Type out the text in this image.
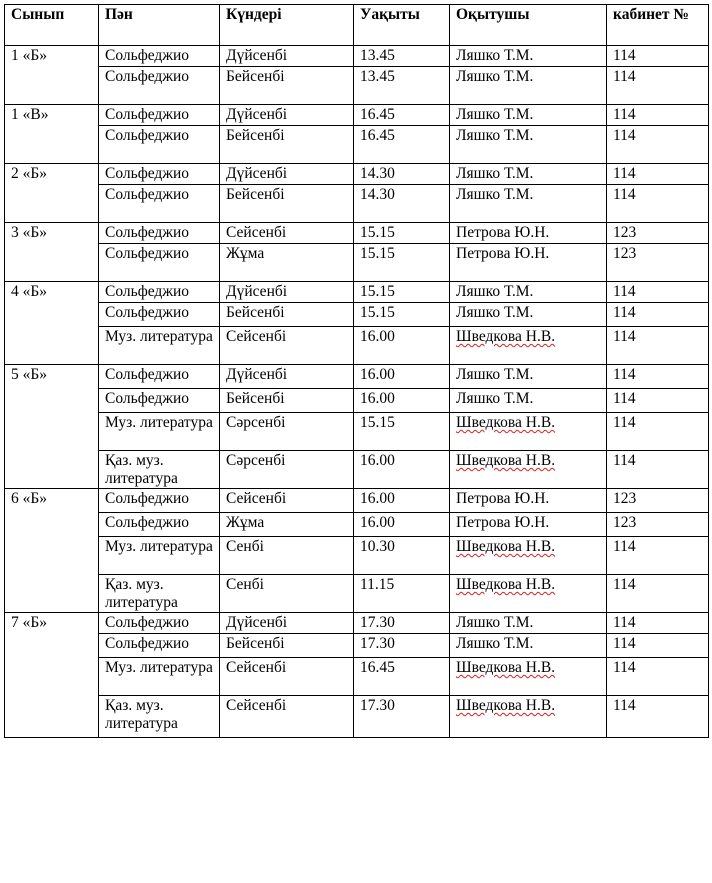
Сынып	Пән	Күндері	Уақыты	Оқытушы	кабинет №
1 «Б»	Сольфеджио	Дүйсенбі	13.45	Ляшко Т.М.	114
	Сольфеджио	Бейсенбі	13.45	Ляшко Т.М.	114
1 «В»	Сольфеджио	Дүйсенбі	16.45	Ляшко Т.М.	114
	Сольфеджио	Бейсенбі	16.45	Ляшко Т.М.	114
2 «Б»	Сольфеджио	Дүйсенбі	14.30	Ляшко Т.М.	114
	Сольфеджио	Бейсенбі	14.30	Ляшко Т.М.	114
3 «Б»	Сольфеджио	Сейсенбі	15.15	Петрова Ю.Н.	123
	Сольфеджио	Жұма	15.15	Петрова Ю.Н.	123
4 «Б»	Сольфеджио	Дүйсенбі	15.15	Ляшко Т.М.	114
	Сольфеджио	Бейсенбі	15.15	Ляшко Т.М.	114
	Муз. литература	Сейсенбі	16.00	Шведкова Н.В.	114
5 «Б»	Сольфеджио	Дүйсенбі	16.00	Ляшко Т.М.	114
	Сольфеджио	Бейсенбі	16.00	Ляшко Т.М.	114
	Муз. литература	Сәрсенбі	15.15	Шведкова Н.В.	114
	Қаз. муз. литература	Сәрсенбі	16.00	Шведкова Н.В.	114
6 «Б»	Сольфеджио	Сейсенбі	16.00	Петрова Ю.Н.	123
	Сольфеджио	Жұма	16.00	Петрова Ю.Н.	123
	Муз. литература	Сенбі	10.30	Шведкова Н.В.	114
	Қаз. муз. литература	Сенбі	11.15	Шведкова Н.В.	114
7 «Б»	Сольфеджио	Дүйсенбі	17.30	Ляшко Т.М.	114
	Сольфеджио	Бейсенбі	17.30	Ляшко Т.М.	114
	Муз. литература	Сейсенбі	16.45	Шведкова Н.В.	114
	Қаз. муз. литература	Сейсенбі	17.30	Шведкова Н.В.	114
